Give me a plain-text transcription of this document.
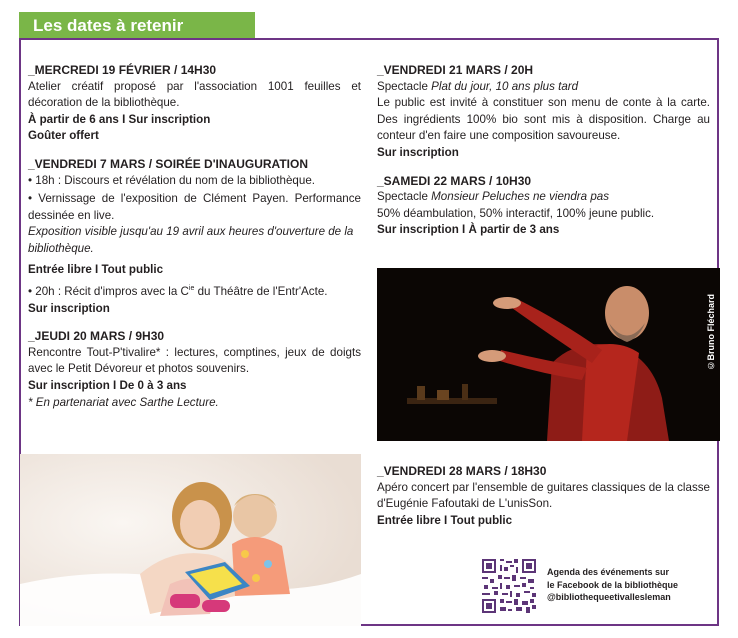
Les dates à retenir

_MERCREDI 19 FÉVRIER / 14H30

Atelier créatif proposé par l'association 1001 feuilles et décoration de la bibliothèque.

À partir de 6 ans I Sur inscription

Goûter offert

_VENDREDI 7 MARS / SOIRÉE D'INAUGURATION

• 18h : Discours et révélation du nom de la bibliothèque.

• Vernissage de l'exposition de Clément Payen. Performance dessinée en live.

Exposition visible jusqu'au 19 avril aux heures d'ouverture de la bibliothèque.

Entrée libre I Tout public

• 20h : Récit d'impros avec la $C^{ie}$ du Théâtre de l'Entr'Acte.

Sur inscription

_JEUDI 20 MARS / 9H30

Rencontre Tout-P'tivalire* : lectures, comptines, jeux de doigts avec le Petit Dévoreur et photos souvenirs.

Sur inscription I De 0 à 3 ans

* En partenariat avec Sarthe Lecture.

_VENDREDI 21 MARS / 20H

Spectacle Plat du jour, 10 ans plus tard

Le public est invité à constituer son menu de conte à la carte. Des ingrédients 100% bio sont mis à disposition. Charge au conteur d'en faire une composition savoureuse.

Sur inscription

_SAMEDI 22 MARS / 10H30

Spectacle Monsieur Peluches ne viendra pas

50% déambulation, 50% interactif, 100% jeune public.

Sur inscription I À partir de 3 ans

_VENDREDI 28 MARS / 18H30

Apéro concert par l'ensemble de guitares classiques de la classe d'Eugénie Fafoutaki de L'unisSon.

Entrée libre I Tout public

©Bruno Fléchard
Agenda des événements sur
le Facebook de la bibliothèque
@bibliothequeetivallesleman
